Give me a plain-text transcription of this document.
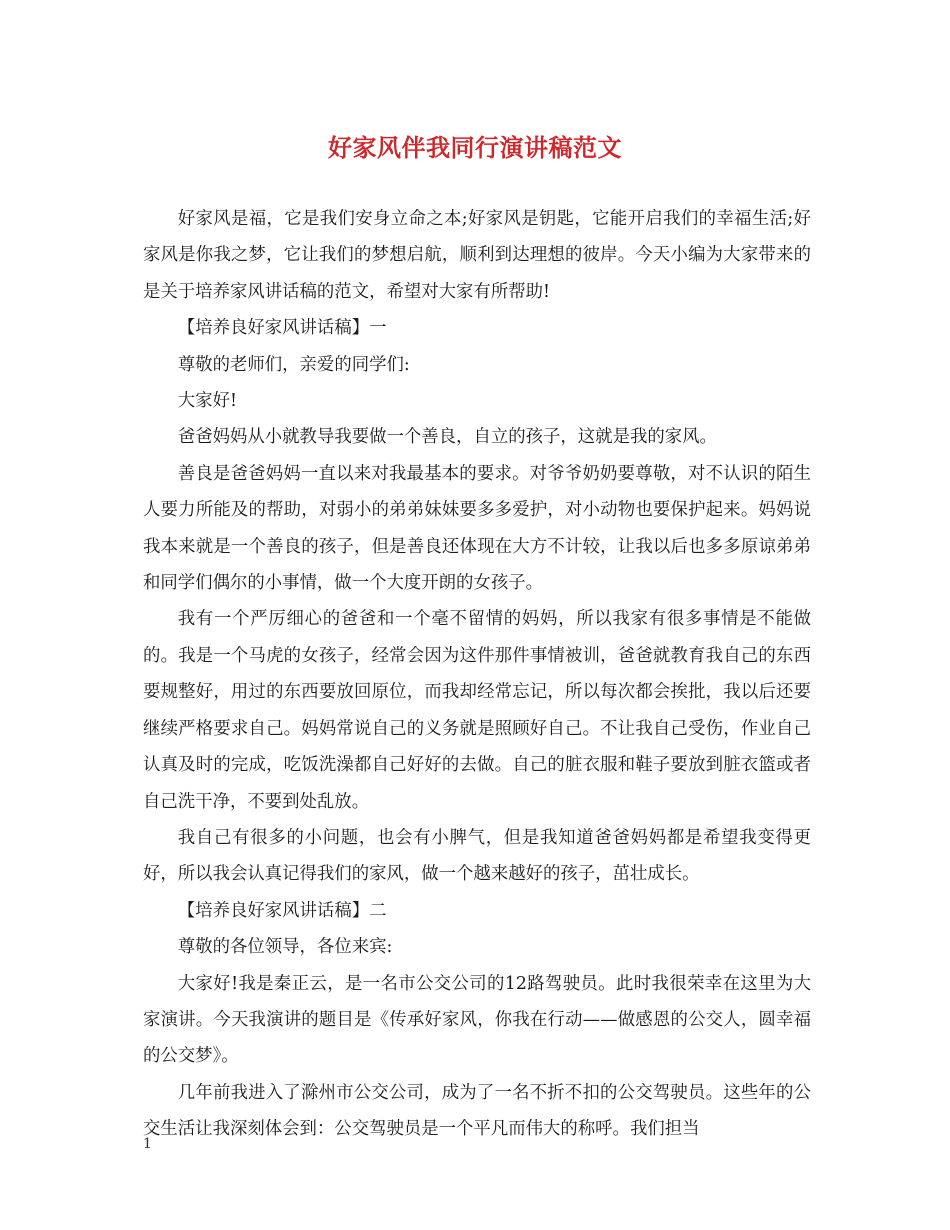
好家风伴我同行演讲稿范文

好家风是福，它是我们安身立命之本;好家风是钥匙，它能开启我们的幸福生活;好家风是你我之梦，它让我们的梦想启航，顺利到达理想的彼岸。今天小编为大家带来的是关于培养家风讲话稿的范文，希望对大家有所帮助!

【培养良好家风讲话稿】一

尊敬的老师们，亲爱的同学们:

大家好!

爸爸妈妈从小就教导我要做一个善良，自立的孩子，这就是我的家风。

善良是爸爸妈妈一直以来对我最基本的要求。对爷爷奶奶要尊敬，对不认识的陌生人要力所能及的帮助，对弱小的弟弟妹妹要多多爱护，对小动物也要保护起来。妈妈说我本来就是一个善良的孩子，但是善良还体现在大方不计较，让我以后也多多原谅弟弟和同学们偶尔的小事情，做一个大度开朗的女孩子。

我有一个严厉细心的爸爸和一个毫不留情的妈妈，所以我家有很多事情是不能做的。我是一个马虎的女孩子，经常会因为这件那件事情被训，爸爸就教育我自己的东西要规整好，用过的东西要放回原位，而我却经常忘记，所以每次都会挨批，我以后还要继续严格要求自己。妈妈常说自己的义务就是照顾好自己。不让我自己受伤，作业自己认真及时的完成，吃饭洗澡都自己好好的去做。自己的脏衣服和鞋子要放到脏衣篮或者自己洗干净，不要到处乱放。

我自己有很多的小问题，也会有小脾气，但是我知道爸爸妈妈都是希望我变得更好，所以我会认真记得我们的家风，做一个越来越好的孩子，茁壮成长。

【培养良好家风讲话稿】二

尊敬的各位领导，各位来宾:

大家好!我是秦正云，是一名市公交公司的12路驾驶员。此时我很荣幸在这里为大家演讲。今天我演讲的题目是《传承好家风，你我在行动——做感恩的公交人，圆幸福的公交梦》。

几年前我进入了滁州市公交公司，成为了一名不折不扣的公交驾驶员。这些年的公交生活让我深刻体会到：公交驾驶员是一个平凡而伟大的称呼。我们担当

1
